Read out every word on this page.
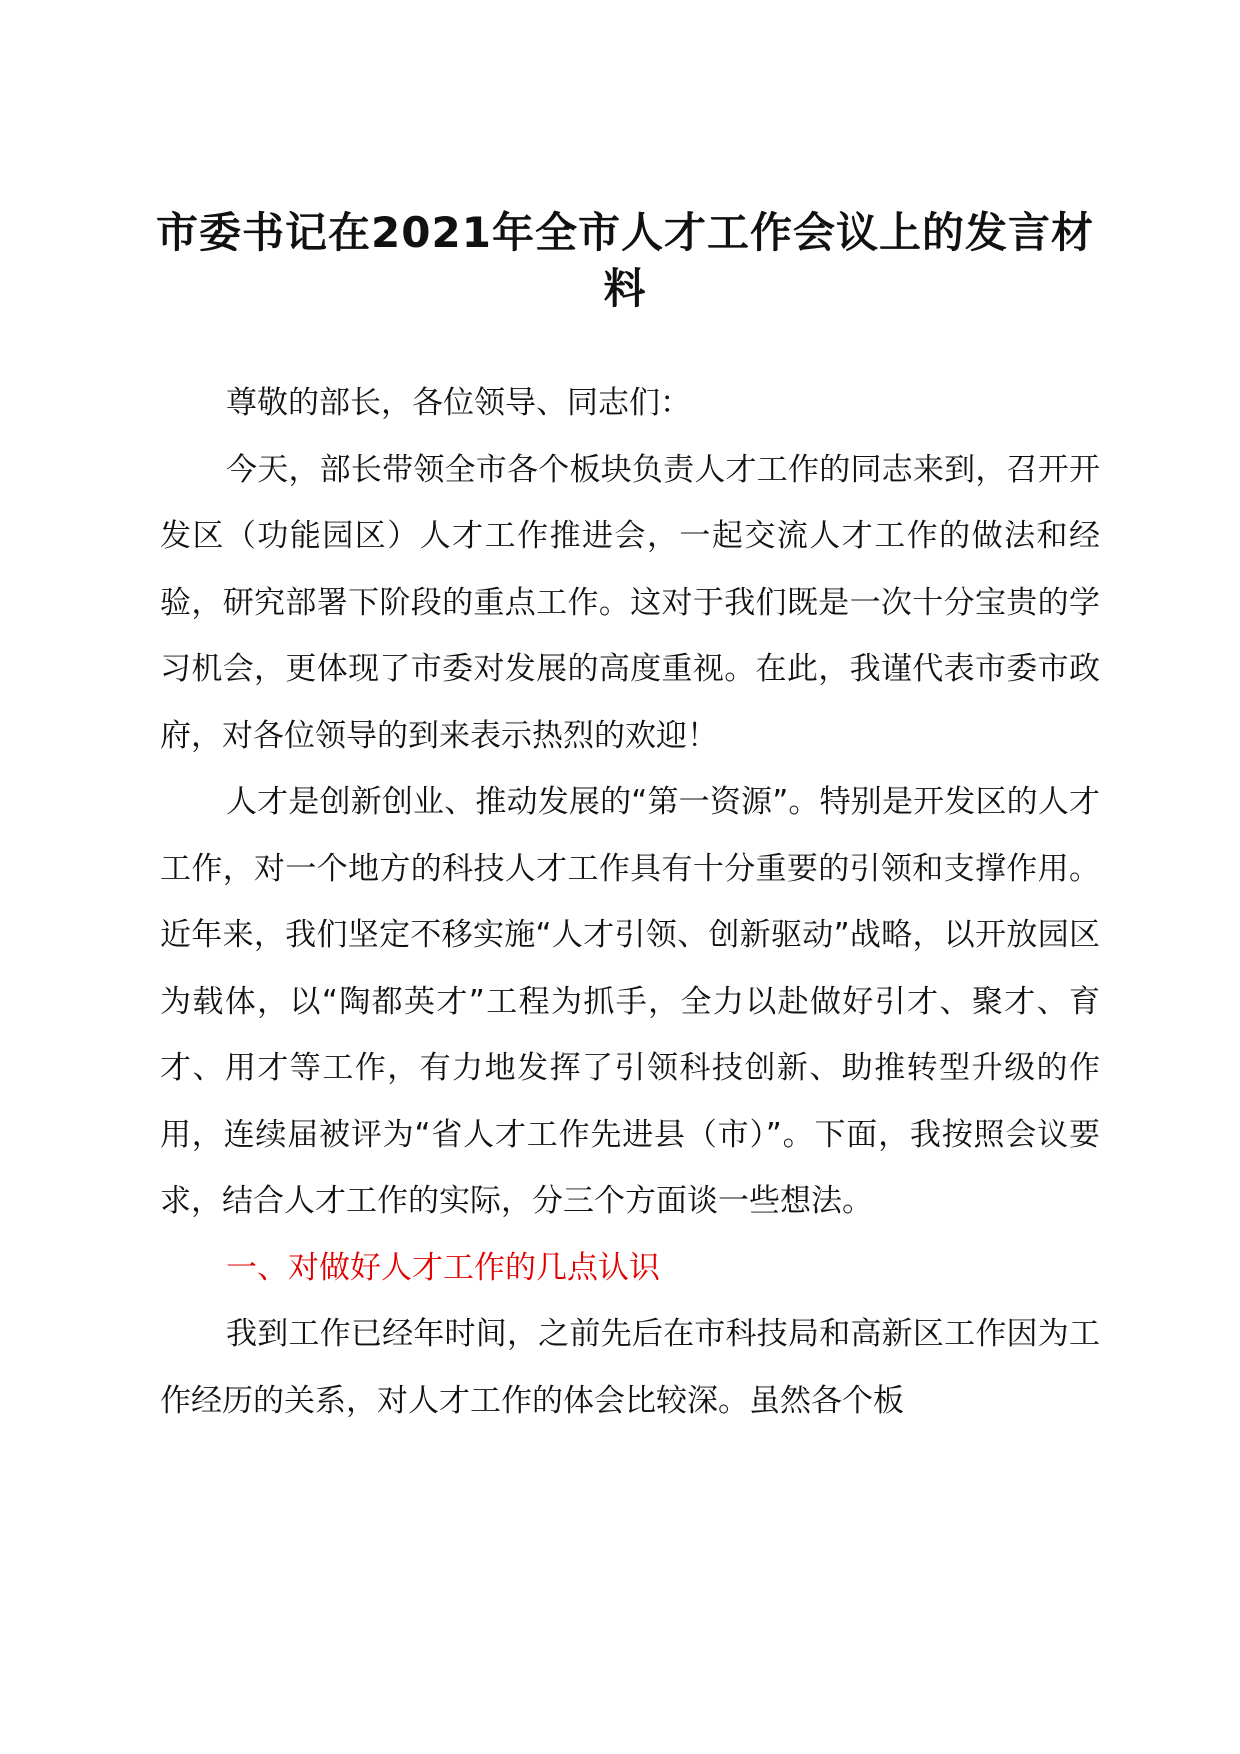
市委书记在2021年全市人才工作会议上的发言材料

尊敬的部长，各位领导、同志们：

今天，部长带领全市各个板块负责人才工作的同志来到，召开开发区（功能园区）人才工作推进会，一起交流人才工作的做法和经验，研究部署下阶段的重点工作。这对于我们既是一次十分宝贵的学习机会，更体现了市委对发展的高度重视。在此，我谨代表市委市政府，对各位领导的到来表示热烈的欢迎！

人才是创新创业、推动发展的“第一资源”。特别是开发区的人才工作，对一个地方的科技人才工作具有十分重要的引领和支撑作用。近年来，我们坚定不移实施“人才引领、创新驱动”战略，以开放园区为载体，以“陶都英才”工程为抓手，全力以赴做好引才、聚才、育才、用才等工作，有力地发挥了引领科技创新、助推转型升级的作用，连续届被评为“省人才工作先进县（市）”。下面，我按照会议要求，结合人才工作的实际，分三个方面谈一些想法。

一、对做好人才工作的几点认识

我到工作已经年时间，之前先后在市科技局和高新区工作因为工作经历的关系，对人才工作的体会比较深。虽然各个板
